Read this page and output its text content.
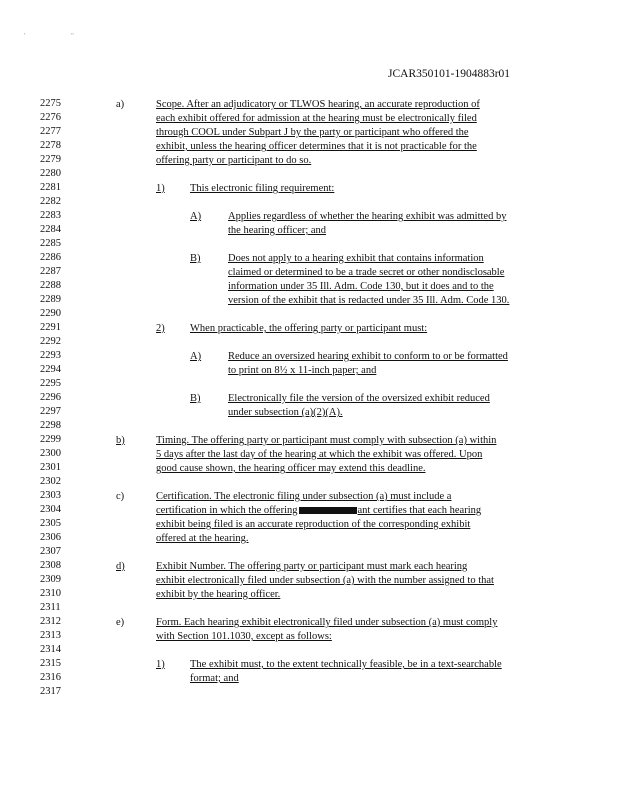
' "
JCAR350101-1904883r01
2275
2276
2277
2278
2279
2280
2281
2282
2283
2284
2285
2286
2287
2288
2289
2290
2291
2292
2293
2294
2295
2296
2297
2298
2299
2300
2301
2302
2303
2304
2305
2306
2307
2308
2309
2310
2311
2312
2313
2314
2315
2316
2317
a)	Scope. After an adjudicatory or TLWOS hearing, an accurate reproduction of
each exhibit offered for admission at the hearing must be electronically filed
through COOL under Subpart J by the party or participant who offered the
exhibit, unless the hearing officer determines that it is not practicable for the
offering party or participant to do so.
1) This electronic filing requirement:
A)	Applies regardless of whether the hearing exhibit was admitted by
the hearing officer; and
B)	Does not apply to a hearing exhibit that contains information
claimed or determined to be a trade secret or other nondisclosable
information under 35 Ill. Adm. Code 130, but it does and to the
version of the exhibit that is redacted under 35 Ill. Adm. Code 130.
2) When practicable, the offering party or participant must:
A)	Reduce an oversized hearing exhibit to conform to or be formatted
to print on 8½ x 11-inch paper; and
B)	Electronically file the version of the oversized exhibit reduced
under subsection (a)(2)(A).
b)	Timing. The offering party or participant must comply with subsection (a) within
5 days after the last day of the hearing at which the exhibit was offered. Upon
good cause shown, the hearing officer may extend this deadline.
c)	Certification. The electronic filing under subsection (a) must include a
certification in which the offering	ant certifies that each hearing
exhibit being filed is an accurate reproduction of the corresponding exhibit
offered at the hearing.
d)	Exhibit Number. The offering party or participant must mark each hearing
exhibit electronically filed under subsection (a) with the number assigned to that
exhibit by the hearing officer.
e)	Form. Each hearing exhibit electronically filed under subsection (a) must comply
with Section 101.1030, except as follows:
1) The exhibit must, to the extent technically feasible, be in a text-searchable
format; and
